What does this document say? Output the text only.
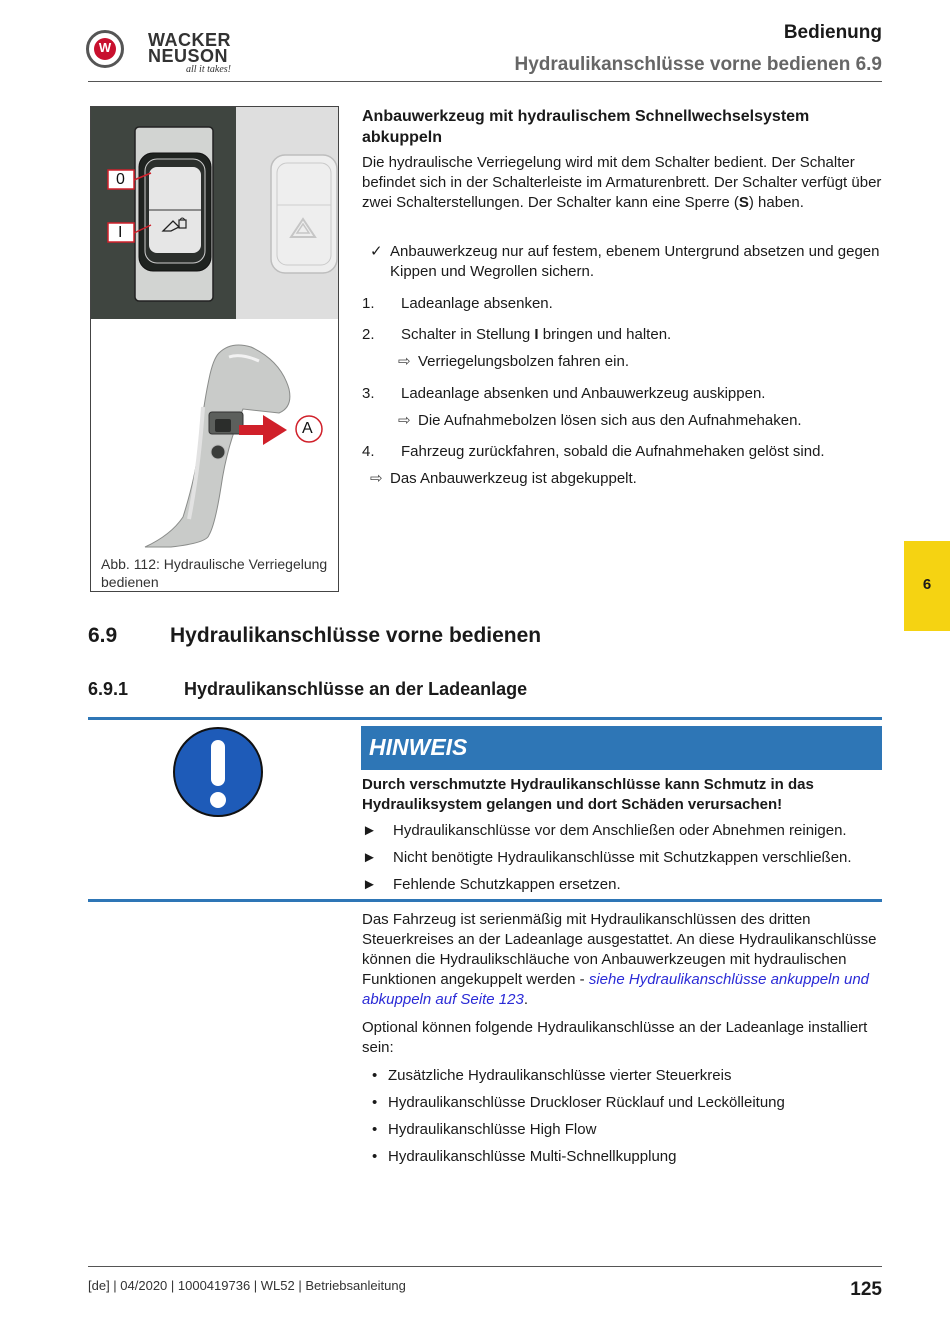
W WACKER
NEUSON
all it takes!
Bedienung
Hydraulikanschlüsse vorne bedienen 6.9
0
I
A
Abb. 112: Hydraulische Verriegelung bedienen
Anbauwerkzeug mit hydraulischem Schnellwechselsystem abkuppeln
Die hydraulische Verriegelung wird mit dem Schalter bedient. Der Schalter befindet sich in der Schalterleiste im Armaturenbrett. Der Schalter verfügt über zwei Schalterstellungen. Der Schalter kann eine Sperre (S) haben.
✓ Anbauwerkzeug nur auf festem, ebenem Untergrund absetzen und gegen Kippen und Wegrollen sichern.
1. Ladeanlage absenken.
2. Schalter in Stellung I bringen und halten.
⇨ Verriegelungsbolzen fahren ein.
3. Ladeanlage absenken und Anbauwerkzeug auskippen.
⇨ Die Aufnahmebolzen lösen sich aus den Aufnahmehaken.
4. Fahrzeug zurückfahren, sobald die Aufnahmehaken gelöst sind.
⇨ Das Anbauwerkzeug ist abgekuppelt.
6
6.9	Hydraulikanschlüsse vorne bedienen
6.9.1	Hydraulikanschlüsse an der Ladeanlage
HINWEIS
Durch verschmutzte Hydraulikanschlüsse kann Schmutz in das Hydrauliksystem gelangen und dort Schäden verursachen!
► Hydraulikanschlüsse vor dem Anschließen oder Abnehmen reinigen.
► Nicht benötigte Hydraulikanschlüsse mit Schutzkappen verschließen.
► Fehlende Schutzkappen ersetzen.
Das Fahrzeug ist serienmäßig mit Hydraulikanschlüssen des dritten Steuerkreises an der Ladeanlage ausgestattet. An diese Hydraulikanschlüsse können die Hydraulikschläuche von Anbauwerkzeugen mit hydraulischen Funktionen angekuppelt werden - siehe Hydraulikanschlüsse ankuppeln und abkuppeln auf Seite 123.
Optional können folgende Hydraulikanschlüsse an der Ladeanlage installiert sein:
• Zusätzliche Hydraulikanschlüsse vierter Steuerkreis
• Hydraulikanschlüsse Druckloser Rücklauf und Leckölleitung
• Hydraulikanschlüsse High Flow
• Hydraulikanschlüsse Multi-Schnellkupplung
[de] | 04/2020 | 1000419736 | WL52 | Betriebsanleitung	125
